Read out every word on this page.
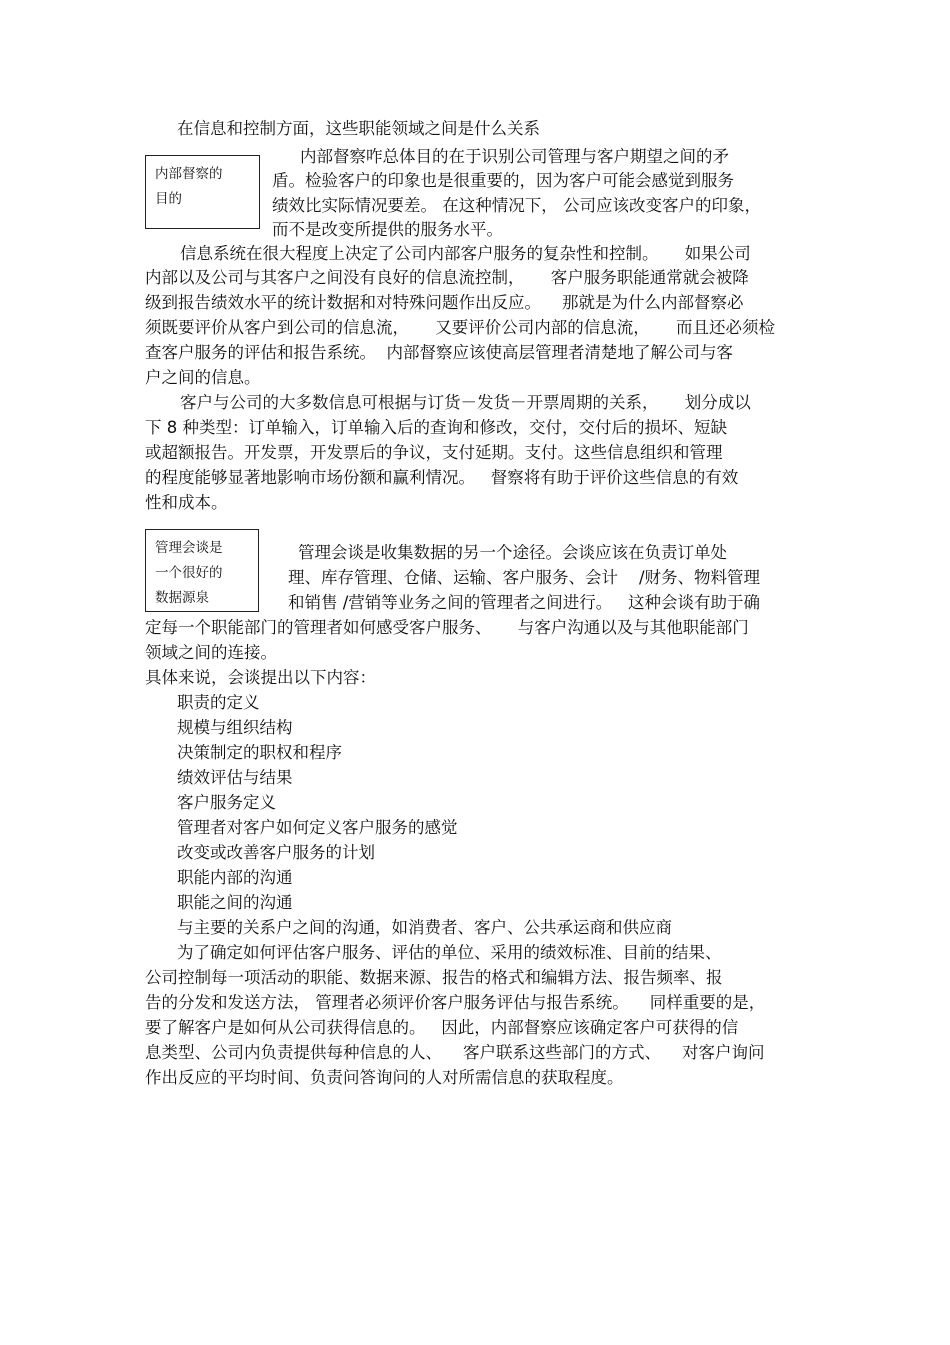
在信息和控制方面，这些职能领域之间是什么关系
内部督察的
目的
内部督察咋总体目的在于识别公司管理与客户期望之间的矛
盾。检验客户的印象也是很重要的，因为客户可能会感觉到服务
绩效比实际情况要差。 在这种情况下， 公司应该改变客户的印象，
而不是改变所提供的服务水平。
信息系统在很大程度上决定了公司内部客户服务的复杂性和控制。     如果公司
内部以及公司与其客户之间没有良好的信息流控制，     客户服务职能通常就会被降
级到报告绩效水平的统计数据和对特殊问题作出反应。    那就是为什么内部督察必
须既要评价从客户到公司的信息流，     又要评价公司内部的信息流，     而且还必须检
查客户服务的评估和报告系统。  内部督察应该使高层管理者清楚地了解公司与客
户之间的信息。
客户与公司的大多数信息可根据与订货－发货－开票周期的关系，     划分成以
下 8 种类型：订单输入，订单输入后的查询和修改，交付，交付后的损坏、短缺
或超额报告。开发票，开发票后的争议，支付延期。支付。这些信息组织和管理
的程度能够显著地影响市场份额和赢利情况。   督察将有助于评价这些信息的有效
性和成本。
管理会谈是
一个很好的
数据源泉
管理会谈是收集数据的另一个途径。会谈应该在负责订单处
理、库存管理、仓储、运输、客户服务、会计    /财务、物料管理
和销售 /营销等业务之间的管理者之间进行。   这种会谈有助于确
定每一个职能部门的管理者如何感受客户服务、     与客户沟通以及与其他职能部门
领域之间的连接。
具体来说，会谈提出以下内容：
职责的定义
规模与组织结构
决策制定的职权和程序
绩效评估与结果
客户服务定义
管理者对客户如何定义客户服务的感觉
改变或改善客户服务的计划
职能内部的沟通
职能之间的沟通
与主要的关系户之间的沟通，如消费者、客户、公共承运商和供应商
为了确定如何评估客户服务、评估的单位、采用的绩效标准、目前的结果、
公司控制每一项活动的职能、数据来源、报告的格式和编辑方法、报告频率、报
告的分发和发送方法， 管理者必须评价客户服务评估与报告系统。    同样重要的是，
要了解客户是如何从公司获得信息的。   因此，内部督察应该确定客户可获得的信
息类型、公司内负责提供每种信息的人、    客户联系这些部门的方式、    对客户询问
作出反应的平均时间、负责问答询问的人对所需信息的获取程度。
